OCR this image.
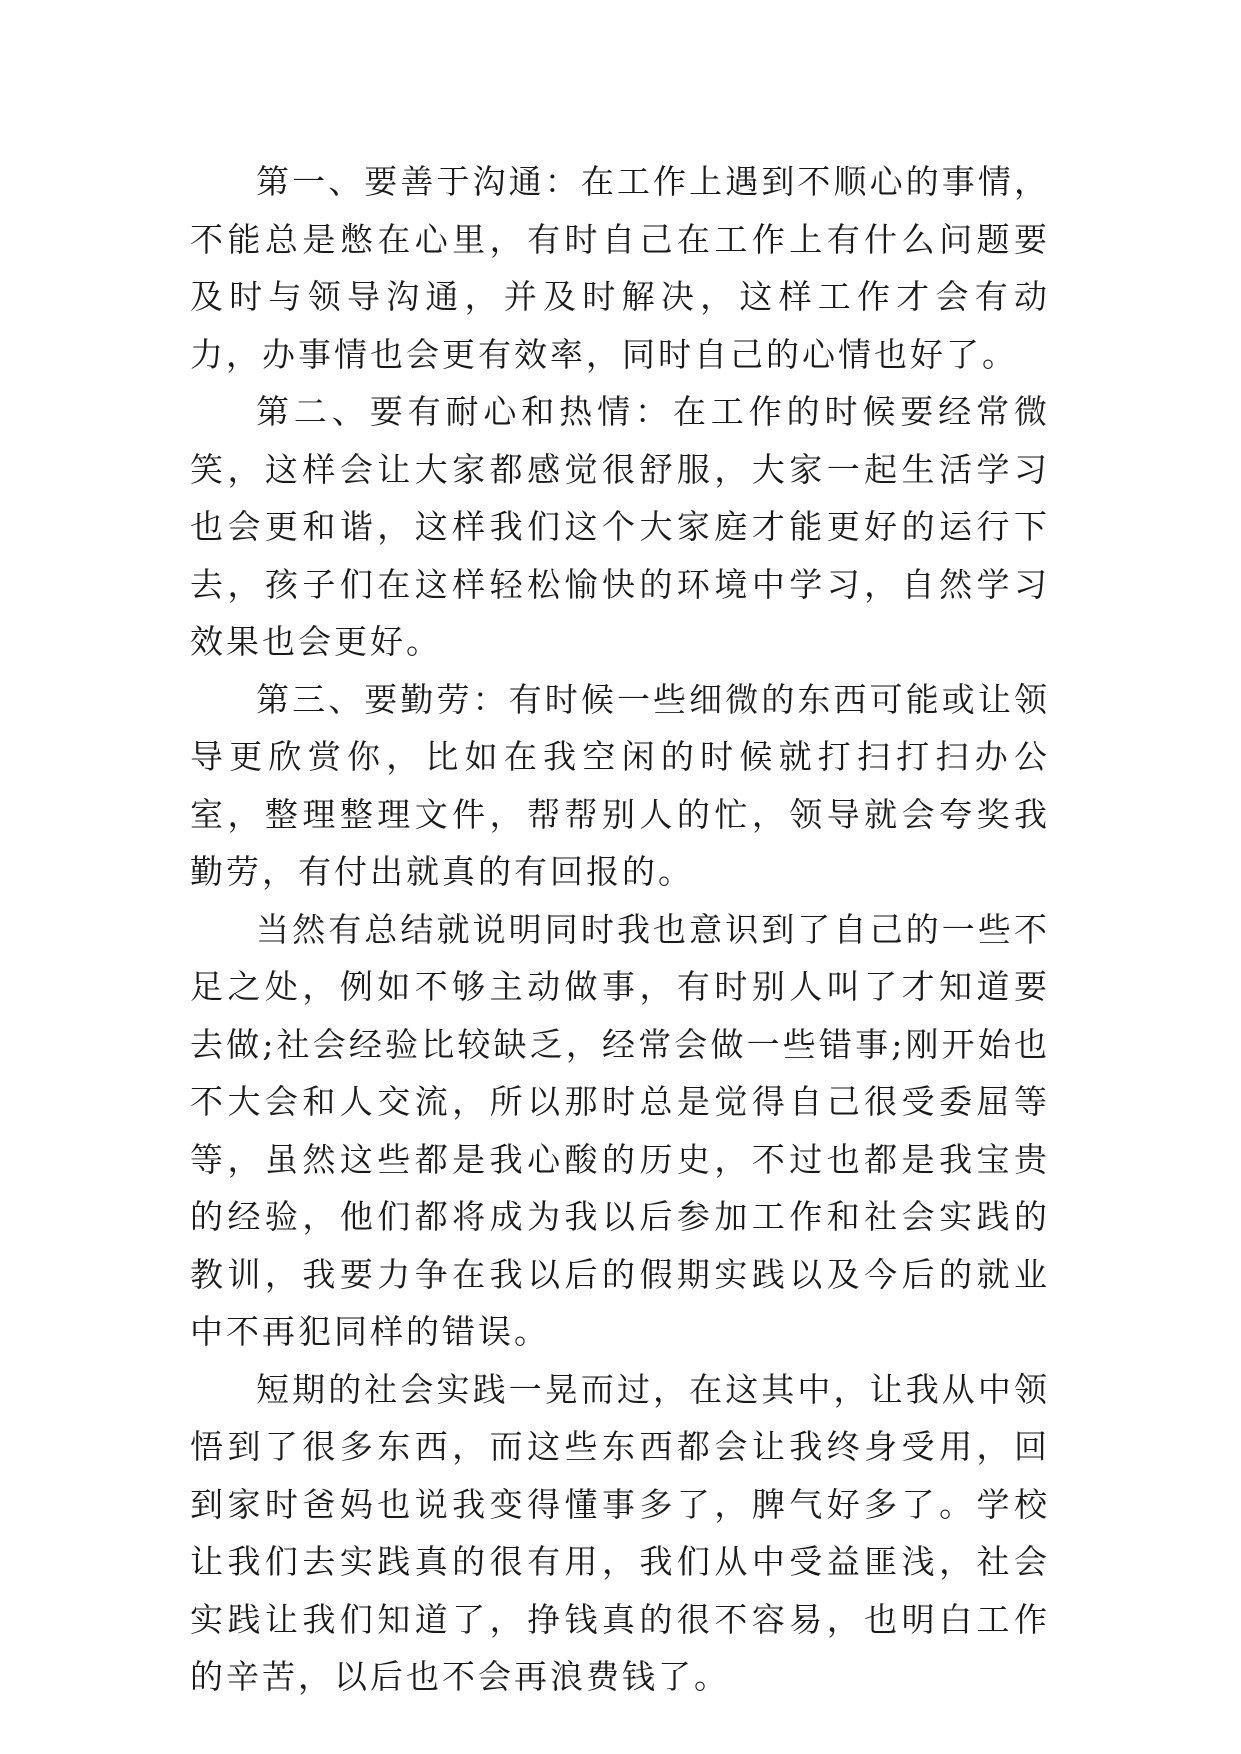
第一、要善于沟通：在工作上遇到不顺心的事情，不能总是憋在心里，有时自己在工作上有什么问题要及时与领导沟通，并及时解决，这样工作才会有动力，办事情也会更有效率，同时自己的心情也好了。

第二、要有耐心和热情：在工作的时候要经常微笑，这样会让大家都感觉很舒服，大家一起生活学习也会更和谐，这样我们这个大家庭才能更好的运行下去，孩子们在这样轻松愉快的环境中学习，自然学习效果也会更好。

第三、要勤劳：有时候一些细微的东西可能或让领导更欣赏你，比如在我空闲的时候就打扫打扫办公室，整理整理文件，帮帮别人的忙，领导就会夸奖我勤劳，有付出就真的有回报的。

当然有总结就说明同时我也意识到了自己的一些不足之处，例如不够主动做事，有时别人叫了才知道要去做;社会经验比较缺乏，经常会做一些错事;刚开始也不大会和人交流，所以那时总是觉得自己很受委屈等等，虽然这些都是我心酸的历史，不过也都是我宝贵的经验，他们都将成为我以后参加工作和社会实践的教训，我要力争在我以后的假期实践以及今后的就业中不再犯同样的错误。

短期的社会实践一晃而过，在这其中，让我从中领悟到了很多东西，而这些东西都会让我终身受用，回到家时爸妈也说我变得懂事多了，脾气好多了。学校让我们去实践真的很有用，我们从中受益匪浅，社会实践让我们知道了，挣钱真的很不容易，也明白工作的辛苦，以后也不会再浪费钱了。
